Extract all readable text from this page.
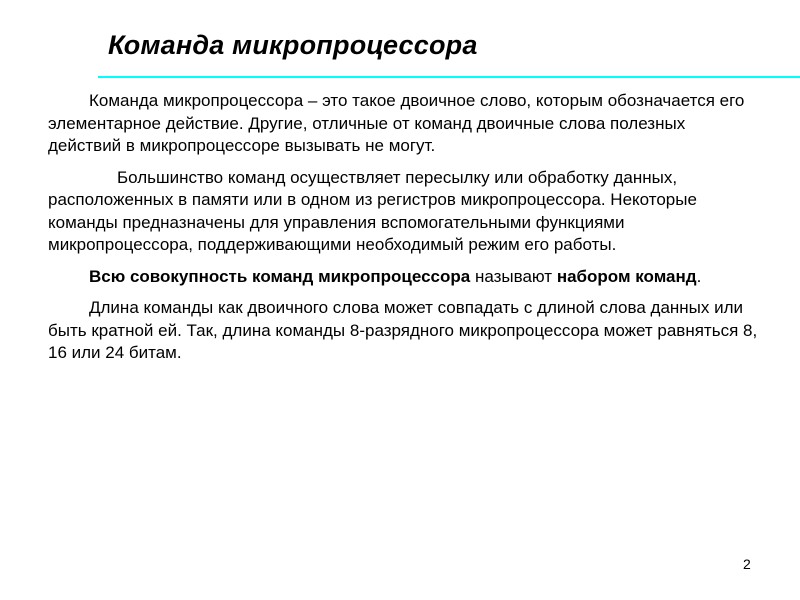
Команда микропроцессора

Команда микропроцессора – это такое двоичное слово, которым обозначается его элементарное действие. Другие, отличные от команд двоичные слова полезных действий в микропроцессоре вызывать не могут.

Большинство команд осуществляет пересылку или обработку данных, расположенных в памяти или в одном из регистров микропроцессора. Некоторые команды предназначены для управления вспомогательными функциями микропроцессора, поддерживающими необходимый режим его работы.

Всю совокупность команд микропроцессора называют набором команд.

Длина команды как двоичного слова может совпадать с длиной слова данных или быть кратной ей. Так, длина команды 8-разрядного микропроцессора может равняться 8, 16 или 24 битам.

2
